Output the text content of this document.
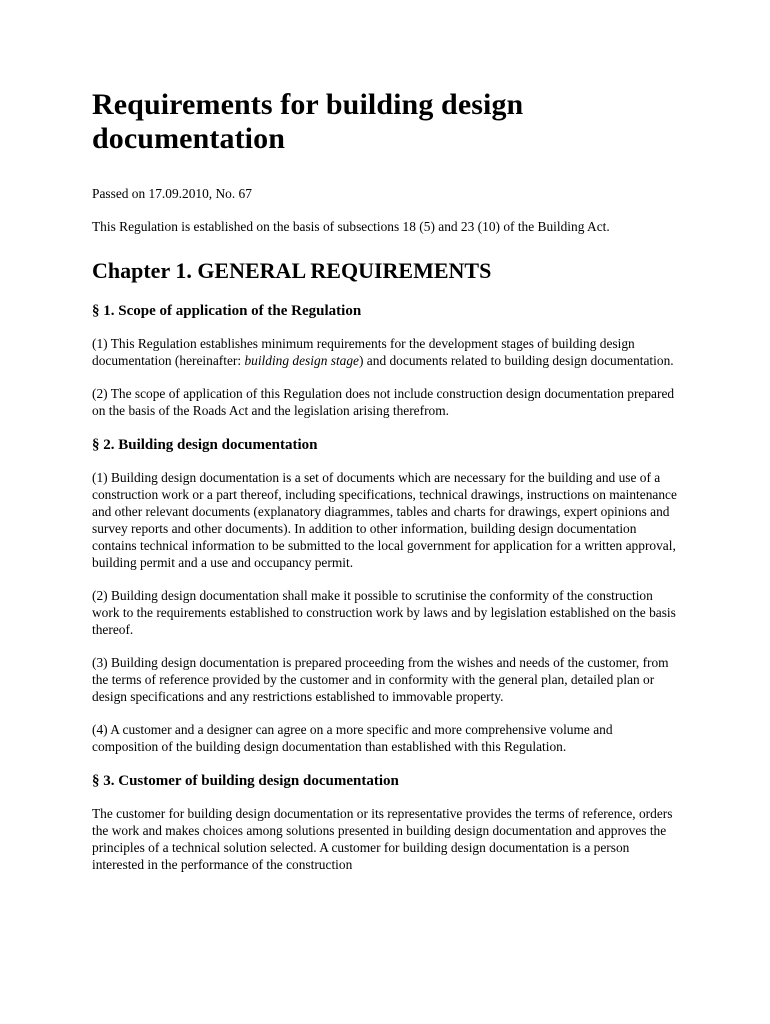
Requirements for building design documentation

Passed on 17.09.2010, No. 67

This Regulation is established on the basis of subsections 18 (5) and 23 (10) of the Building Act.

Chapter 1. GENERAL REQUIREMENTS
§ 1. Scope of application of the Regulation

(1) This Regulation establishes minimum requirements for the development stages of building design documentation (hereinafter: building design stage) and documents related to building design documentation.

(2) The scope of application of this Regulation does not include construction design documentation prepared on the basis of the Roads Act and the legislation arising therefrom.

§ 2. Building design documentation

(1) Building design documentation is a set of documents which are necessary for the building and use of a construction work or a part thereof, including specifications, technical drawings, instructions on maintenance and other relevant documents (explanatory diagrammes, tables and charts for drawings, expert opinions and survey reports and other documents). In addition to other information, building design documentation contains technical information to be submitted to the local government for application for a written approval, building permit and a use and occupancy permit.

(2) Building design documentation shall make it possible to scrutinise the conformity of the construction work to the requirements established to construction work by laws and by legislation established on the basis thereof.

(3) Building design documentation is prepared proceeding from the wishes and needs of the customer, from the terms of reference provided by the customer and in conformity with the general plan, detailed plan or design specifications and any restrictions established to immovable property.

(4) A customer and a designer can agree on a more specific and more comprehensive volume and composition of the building design documentation than established with this Regulation.

§ 3. Customer of building design documentation

The customer for building design documentation or its representative provides the terms of reference, orders the work and makes choices among solutions presented in building design documentation and approves the principles of a technical solution selected. A customer for building design documentation is a person interested in the performance of the construction
